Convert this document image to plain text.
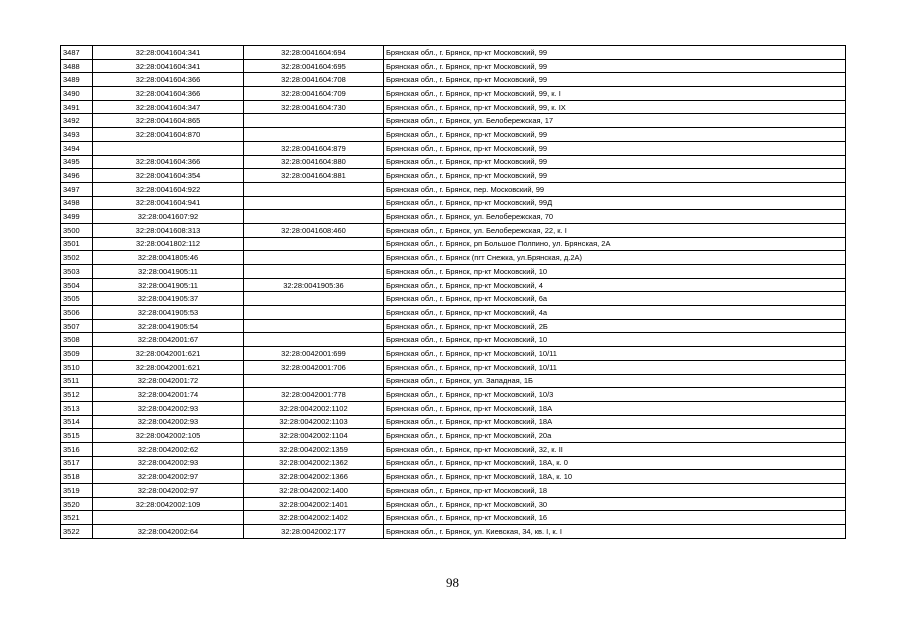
3487	32:28:0041604:341	32:28:0041604:694	Брянская обл., г. Брянск, пр-кт Московский, 99
3488	32:28:0041604:341	32:28:0041604:695	Брянская обл., г. Брянск, пр-кт Московский, 99
3489	32:28:0041604:366	32:28:0041604:708	Брянская обл., г. Брянск, пр-кт Московский, 99
3490	32:28:0041604:366	32:28:0041604:709	Брянская обл., г. Брянск, пр-кт Московский, 99, к. I
3491	32:28:0041604:347	32:28:0041604:730	Брянская обл., г. Брянск, пр-кт Московский, 99, к. IX
3492	32:28:0041604:865		Брянская обл., г. Брянск, ул. Белобережская, 17
3493	32:28:0041604:870		Брянская обл., г. Брянск, пр-кт Московский, 99
3494		32:28:0041604:879	Брянская обл., г. Брянск, пр-кт Московский, 99
3495	32:28:0041604:366	32:28:0041604:880	Брянская обл., г. Брянск, пр-кт Московский, 99
3496	32:28:0041604:354	32:28:0041604:881	Брянская обл., г. Брянск, пр-кт Московский, 99
3497	32:28:0041604:922		Брянская обл., г. Брянск, пер. Московский, 99
3498	32:28:0041604:941		Брянская обл., г. Брянск, пр-кт Московский, 99Д
3499	32:28:0041607:92		Брянская обл., г. Брянск, ул. Белобережская, 70
3500	32:28:0041608:313	32:28:0041608:460	Брянская обл., г. Брянск, ул. Белобережская, 22, к. I
3501	32:28:0041802:112		Брянская обл., г. Брянск, рп Большое Полпино, ул. Брянская, 2А
3502	32:28:0041805:46		Брянская обл., г. Брянск (пгт Снежка, ул.Брянская, д.2А)
3503	32:28:0041905:11		Брянская обл., г. Брянск, пр-кт Московский, 10
3504	32:28:0041905:11	32:28:0041905:36	Брянская обл., г. Брянск, пр-кт Московский, 4
3505	32:28:0041905:37		Брянская обл., г. Брянск, пр-кт Московский, 6а
3506	32:28:0041905:53		Брянская обл., г. Брянск, пр-кт Московский, 4а
3507	32:28:0041905:54		Брянская обл., г. Брянск, пр-кт Московский, 2Б
3508	32:28:0042001:67		Брянская обл., г. Брянск, пр-кт Московский, 10
3509	32:28:0042001:621	32:28:0042001:699	Брянская обл., г. Брянск, пр-кт Московский, 10/11
3510	32:28:0042001:621	32:28:0042001:706	Брянская обл., г. Брянск, пр-кт Московский, 10/11
3511	32:28:0042001:72		Брянская обл., г. Брянск, ул. Западная, 1Б
3512	32:28:0042001:74	32:28:0042001:778	Брянская обл., г. Брянск, пр-кт Московский, 10/3
3513	32:28:0042002:93	32:28:0042002:1102	Брянская обл., г. Брянск, пр-кт Московский, 18А
3514	32:28:0042002:93	32:28:0042002:1103	Брянская обл., г. Брянск, пр-кт Московский, 18А
3515	32:28:0042002:105	32:28:0042002:1104	Брянская обл., г. Брянск, пр-кт Московский, 20а
3516	32:28:0042002:62	32:28:0042002:1359	Брянская обл., г. Брянск, пр-кт Московский, 32, к. II
3517	32:28:0042002:93	32:28:0042002:1362	Брянская обл., г. Брянск, пр-кт Московский, 18А, к. 0
3518	32:28:0042002:97	32:28:0042002:1366	Брянская обл., г. Брянск, пр-кт Московский, 18А, к. 10
3519	32:28:0042002:97	32:28:0042002:1400	Брянская обл., г. Брянск, пр-кт Московский, 18
3520	32:28:0042002:109	32:28:0042002:1401	Брянская обл., г. Брянск, пр-кт Московский, 30
3521		32:28:0042002:1402	Брянская обл., г. Брянск, пр-кт Московский, 16
3522	32:28:0042002:64	32:28:0042002:177	Брянская обл., г. Брянск, ул. Киевская, 34, кв. I, к. I
98
